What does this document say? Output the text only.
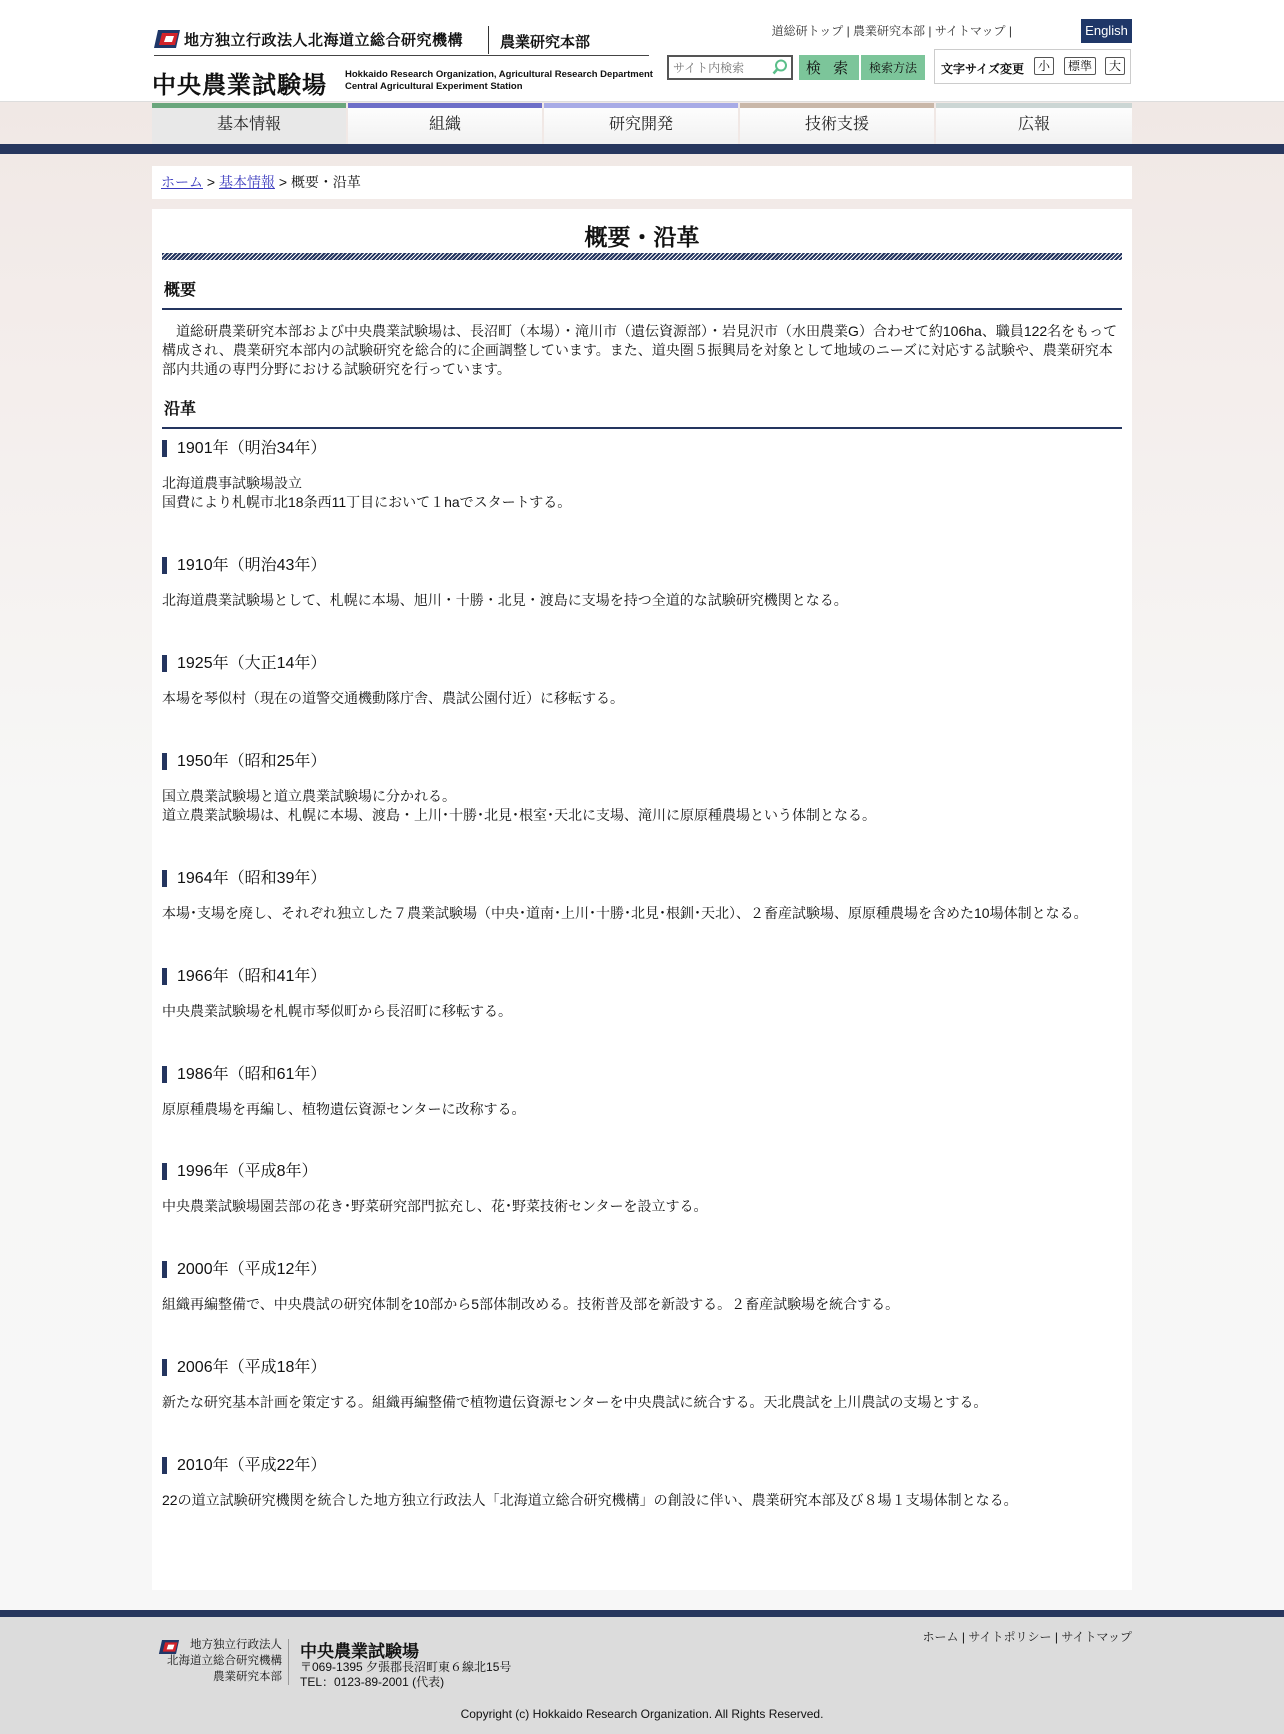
地方独立行政法人北海道立総合研究機構 農業研究本部
中央農業試験場 Hokkaido Research Organization, Agricultural Research Department
Central Agricultural Experiment Station
道総研トップ | 農業研究本部 | サイトマップ |	English
サイト内検索
検 索	検索方法	文字サイズ変更	小	標準	大
基本情報	組織	研究開発	技術支援	広報
ホーム > 基本情報 > 概要・沿革
概要・沿革
概要
　道総研農業研究本部および中央農業試験場は、長沼町（本場）・滝川市（遺伝資源部）・岩見沢市（水田農業G）合わせて約106ha、職員122名をもって構成され、農業研究本部内の試験研究を総合的に企画調整しています。また、道央圏５振興局を対象として地域のニーズに対応する試験や、農業研究本部内共通の専門分野における試験研究を行っています。
沿革
1901年（明治34年）
北海道農事試験場設立
国費により札幌市北18条西11丁目において１haでスタートする。
1910年（明治43年）
北海道農業試験場として、札幌に本場、旭川・十勝・北見・渡島に支場を持つ全道的な試験研究機関となる。
1925年（大正14年）
本場を琴似村（現在の道警交通機動隊庁舎、農試公園付近）に移転する。
1950年（昭和25年）
国立農業試験場と道立農業試験場に分かれる。
道立農業試験場は、札幌に本場、渡島・上川･十勝･北見･根室･天北に支場、滝川に原原種農場という体制となる。
1964年（昭和39年）
本場･支場を廃し、それぞれ独立した７農業試験場（中央･道南･上川･十勝･北見･根釧･天北）、２畜産試験場、原原種農場を含めた10場体制となる。
1966年（昭和41年）
中央農業試験場を札幌市琴似町から長沼町に移転する。
1986年（昭和61年）
原原種農場を再編し、植物遺伝資源センターに改称する。
1996年（平成8年）
中央農業試験場園芸部の花き･野菜研究部門拡充し、花･野菜技術センターを設立する。
2000年（平成12年）
組織再編整備で、中央農試の研究体制を10部から5部体制改める。技術普及部を新設する。２畜産試験場を統合する。
2006年（平成18年）
新たな研究基本計画を策定する。組織再編整備で植物遺伝資源センターを中央農試に統合する。天北農試を上川農試の支場とする。
2010年（平成22年）
22の道立試験研究機関を統合した地方独立行政法人「北海道立総合研究機構」の創設に伴い、農業研究本部及び８場１支場体制となる。
地方独立行政法人
北海道立総合研究機構
農業研究本部
中央農業試験場
〒069-1395 夕張郡長沼町東６線北15号
TEL：0123-89-2001 (代表)
ホーム | サイトポリシー | サイトマップ
Copyright (c) Hokkaido Research Organization. All Rights Reserved.
